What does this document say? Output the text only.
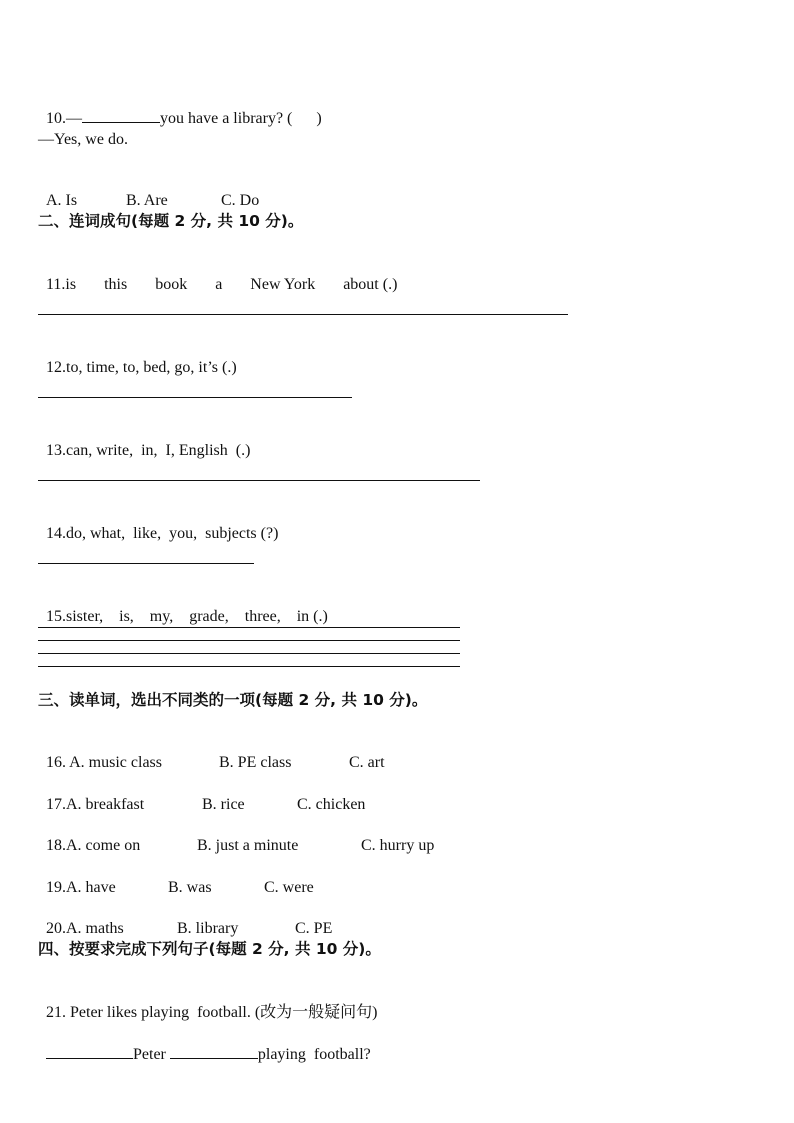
10.—	you have a library? (      )

—Yes, we do.

A. Is	B. Are	C. Do

二、连词成句(每题 2 分, 共 10 分)。

11.is       this       book       a       New York       about (.)

12.to, time, to, bed, go, it’s (.)

13.can, write,  in,  I, English  (.)

14.do, what,  like,  you,  subjects (?)

15.sister,    is,    my,    grade,    three,    in (.)

三、读单词，选出不同类的一项(每题 2 分, 共 10 分)。

16. A. music class	B. PE class	C. art

17.A. breakfast	B. rice	C. chicken

18.A. come on	B. just a minute	C. hurry up

19.A. have	B. was	C. were

20.A. maths	B. library	C. PE

四、按要求完成下列句子(每题 2 分, 共 10 分)。

21. Peter likes playing  football. (改为一般疑问句)

Peter	playing  football?
